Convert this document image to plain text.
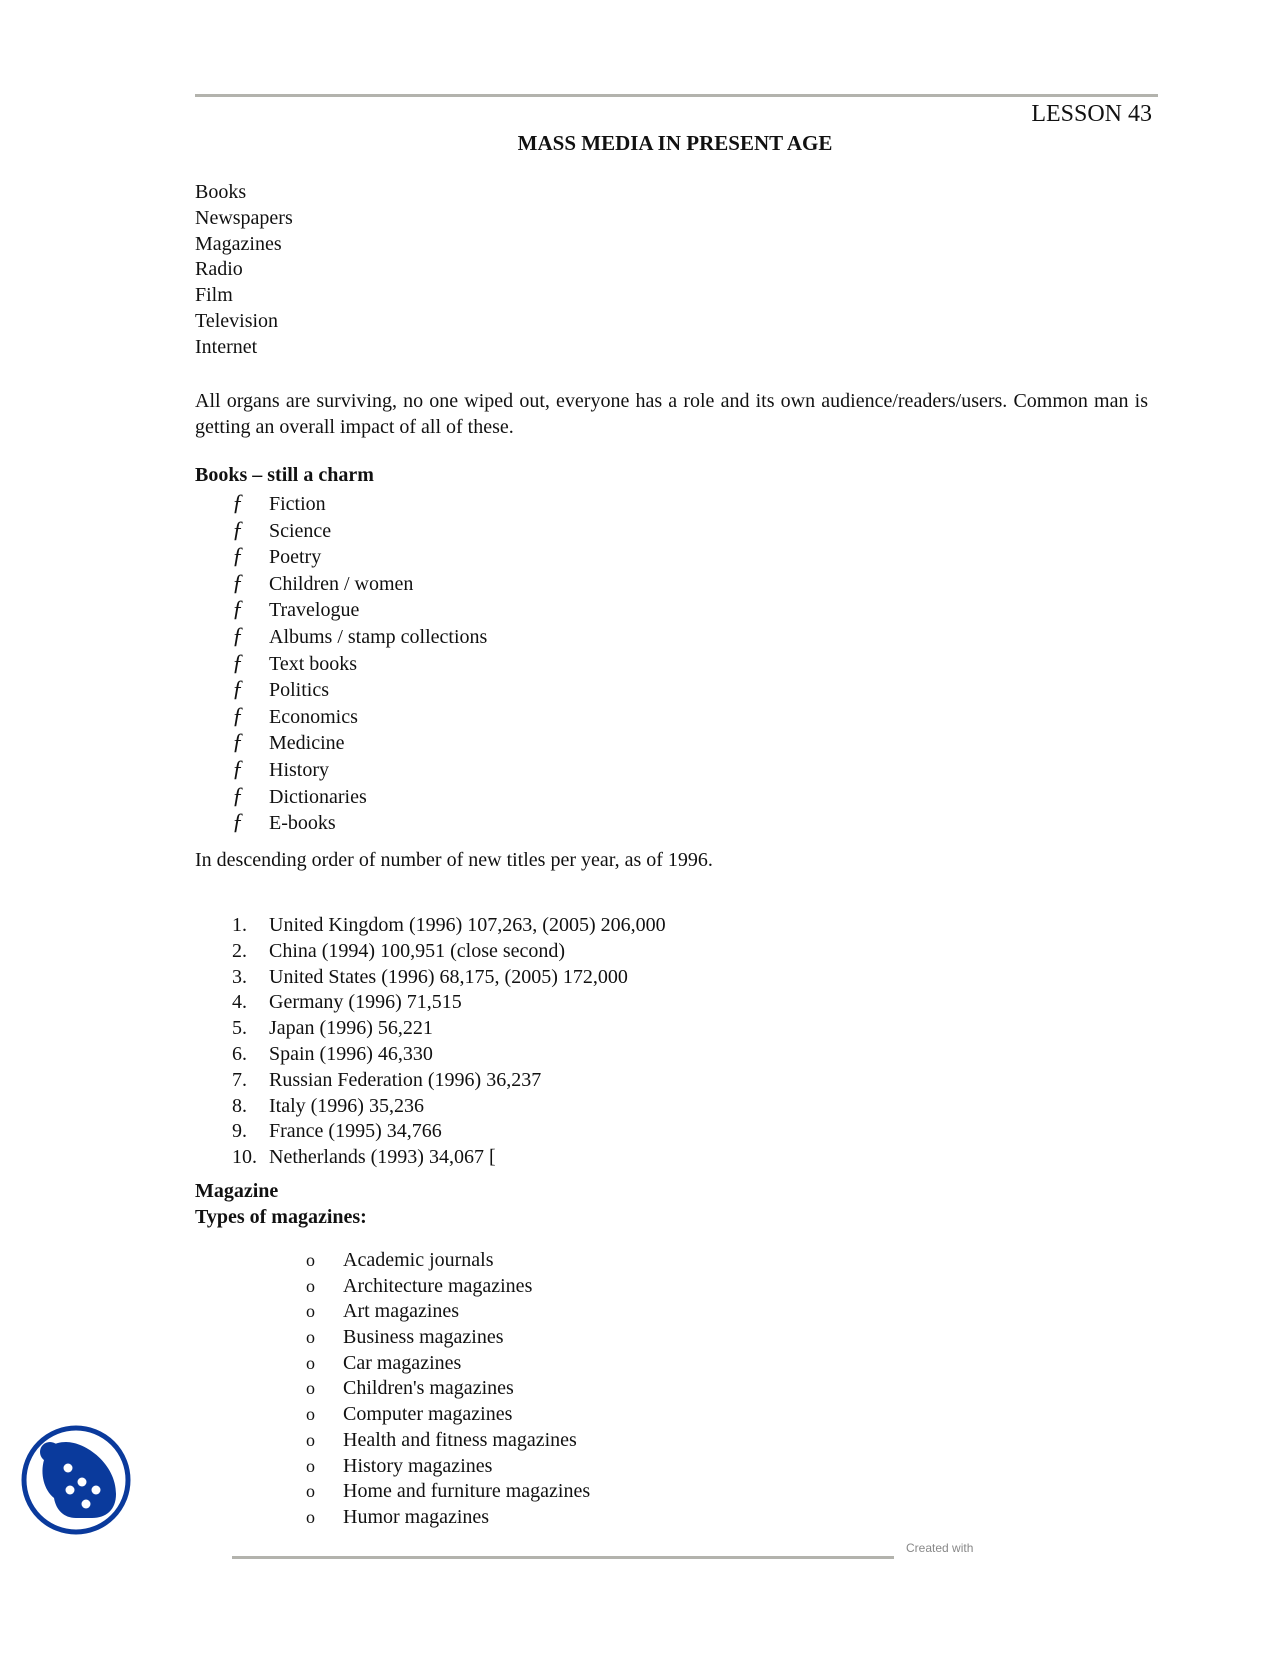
LESSON 43
MASS MEDIA IN PRESENT AGE
Books
Newspapers
Magazines
Radio
Film
Television
Internet

All organs are surviving, no one wiped out, everyone has a role and its own audience/readers/users. Common man is getting an overall impact of all of these.

Books – still a charm
ƒ Fiction
ƒ Science
ƒ Poetry
ƒ Children / women
ƒ Travelogue
ƒ Albums / stamp collections
ƒ Text books
ƒ Politics
ƒ Economics
ƒ Medicine
ƒ History
ƒ Dictionaries
ƒ E-books
In descending order of number of new titles per year, as of 1996.
1. United Kingdom (1996) 107,263, (2005) 206,000
2. China (1994) 100,951 (close second)
3. United States (1996) 68,175, (2005) 172,000
4. Germany (1996) 71,515
5. Japan (1996) 56,221
6. Spain (1996) 46,330
7. Russian Federation (1996) 36,237
8. Italy (1996) 35,236
9. France (1995) 34,766
10. Netherlands (1993) 34,067 [
Magazine
Types of magazines:
o Academic journals
o Architecture magazines
o Art magazines
o Business magazines
o Car magazines
o Children's magazines
o Computer magazines
o Health and fitness magazines
o History magazines
o Home and furniture magazines
o Humor magazines
Created with
